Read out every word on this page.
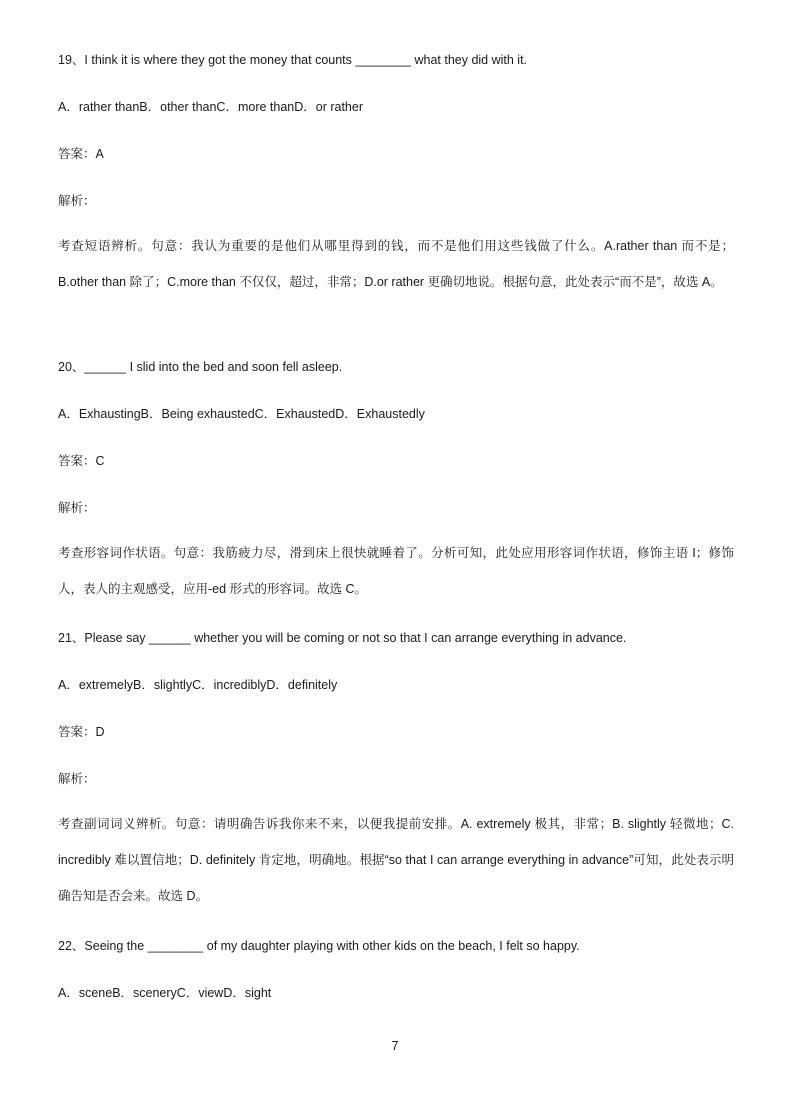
19、I think it is where they got the money that counts ________ what they did with it.
A．rather thanB．other thanC．more thanD．or rather
答案：A
解析：
考查短语辨析。句意：我认为重要的是他们从哪里得到的钱，而不是他们用这些钱做了什么。A.rather than 而不是；B.other than 除了；C.more than 不仅仅，超过，非常；D.or rather 更确切地说。根据句意，此处表示“而不是”，故选 A。
20、______ I slid into the bed and soon fell asleep.
A．ExhaustingB．Being exhaustedC．ExhaustedD．Exhaustedly
答案：C
解析：
考查形容词作状语。句意：我筋疲力尽，滑到床上很快就睡着了。分析可知，此处应用形容词作状语，修饰主语 I；修饰人，表人的主观感受，应用-ed 形式的形容词。故选 C。
21、Please say ______ whether you will be coming or not so that I can arrange everything in advance.
A．extremelyB．slightlyC．incrediblyD．definitely
答案：D
解析：
考查副词词义辨析。句意：请明确告诉我你来不来，以便我提前安排。A. extremely 极其，非常；B. slightly 轻微地；C. incredibly 难以置信地；D. definitely 肯定地，明确地。根据“so that I can arrange everything in advance”可知，此处表示明确告知是否会来。故选 D。
22、Seeing the ________ of my daughter playing with other kids on the beach, I felt so happy.
A．sceneB．sceneryC．viewD．sight
7
